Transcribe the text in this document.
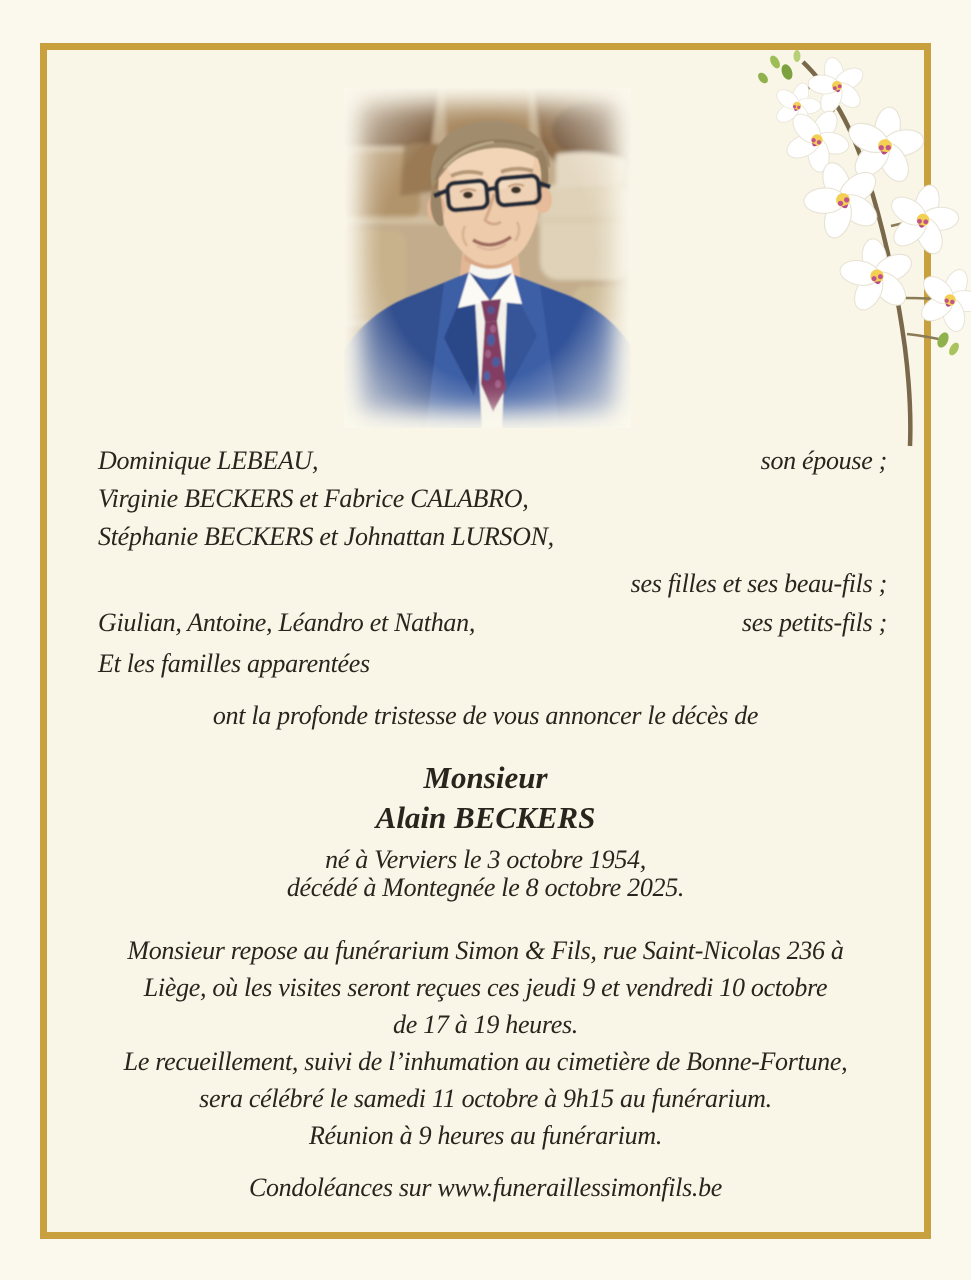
Dominique LEBEAU,	son épouse ;
Virginie BECKERS et Fabrice CALABRO,
Stéphanie BECKERS et Johnattan LURSON,
ses filles et ses beau-fils ;
Giulian, Antoine, Léandro et Nathan,	ses petits-fils ;
Et les familles apparentées
ont la profonde tristesse de vous annoncer le décès de
Monsieur
Alain BECKERS
né à Verviers le 3 octobre 1954,
décédé à Montegnée le 8 octobre 2025.
Monsieur repose au funérarium Simon & Fils, rue Saint-Nicolas 236 à
Liège, où les visites seront reçues ces jeudi 9 et vendredi 10 octobre
de 17 à 19 heures.
Le recueillement, suivi de l’inhumation au cimetière de Bonne-Fortune,
sera célébré le samedi 11 octobre à 9h15 au funérarium.
Réunion à 9 heures au funérarium.
Condoléances sur www.funeraillessimonfils.be
